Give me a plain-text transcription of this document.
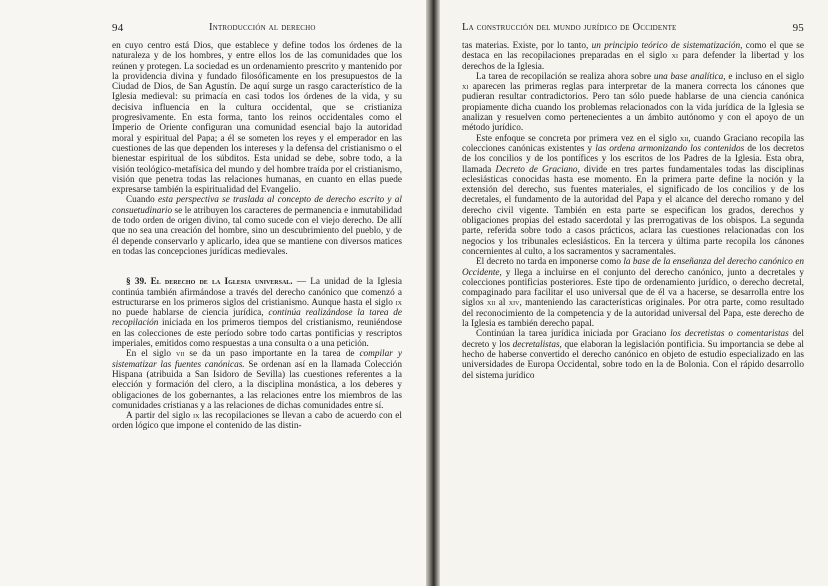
94	Introducción al derecho

en cuyo centro está Dios, que establece y define todos los órdenes de la naturaleza y de los hombres, y entre ellos los de las comunidades que los reúnen y protegen. La sociedad es un ordenamiento prescrito y mantenido por la providencia divina y fundado filosóficamente en los presupuestos de la Ciudad de Dios, de San Agustín. De aquí surge un rasgo característico de la Iglesia medieval: su primacía en casi todos los órdenes de la vida, y su decisiva influencia en la cultura occidental, que se cristianiza progresivamente. En esta forma, tanto los reinos occidentales como el Imperio de Oriente configuran una comunidad esencial bajo la autoridad moral y espiritual del Papa; a él se someten los reyes y el emperador en las cuestiones de las que dependen los intereses y la defensa del cristianismo o el bienestar espiritual de los súbditos. Esta unidad se debe, sobre todo, a la visión teológico-metafísica del mundo y del hombre traída por el cristianismo, visión que penetra todas las relaciones humanas, en cuanto en ellas puede expresarse también la espiritualidad del Evangelio.

Cuando esta perspectiva se traslada al concepto de derecho escrito y al consuetudinario se le atribuyen los caracteres de permanencia e inmutabilidad de todo orden de origen divino, tal como sucede con el viejo derecho. De allí que no sea una creación del hombre, sino un descubrimiento del pueblo, y de él depende conservarlo y aplicarlo, idea que se mantiene con diversos matices en todas las concepciones jurídicas medievales.

§ 39. El derecho de la Iglesia universal. — La unidad de la Iglesia continúa también afirmándose a través del derecho canónico que comenzó a estructurarse en los primeros siglos del cristianismo. Aunque hasta el siglo ix no puede hablarse de ciencia jurídica, continúa realizándose la tarea de recopilación iniciada en los primeros tiempos del cristianismo, reuniéndose en las colecciones de este período sobre todo cartas pontificias y rescriptos imperiales, emitidos como respuestas a una consulta o a una petición.

En el siglo vii se da un paso importante en la tarea de compilar y sistematizar las fuentes canónicas. Se ordenan así en la llamada Colección Hispana (atribuida a San Isidoro de Sevilla) las cuestiones referentes a la elección y formación del clero, a la disciplina monástica, a los deberes y obligaciones de los gobernantes, a las relaciones entre los miembros de las comunidades cristianas y a las relaciones de dichas comunidades entre sí.

A partir del siglo ix las recopilaciones se llevan a cabo de acuerdo con el orden lógico que impone el contenido de las distin-

95
La construcción del mundo jurídico de Occidente

tas materias. Existe, por lo tanto, un principio teórico de sistematización, como el que se destaca en las recopilaciones preparadas en el siglo xi para defender la libertad y los derechos de la Iglesia.

La tarea de recopilación se realiza ahora sobre una base analítica, e incluso en el siglo xi aparecen las primeras reglas para interpretar de la manera correcta los cánones que pudieran resultar contradictorios. Pero tan sólo puede hablarse de una ciencia canónica propiamente dicha cuando los problemas relacionados con la vida jurídica de la Iglesia se analizan y resuelven como pertenecientes a un ámbito autónomo y con el apoyo de un método jurídico.

Este enfoque se concreta por primera vez en el siglo xii, cuando Graciano recopila las colecciones canónicas existentes y las ordena armonizando los contenidos de los decretos de los concilios y de los pontífices y los escritos de los Padres de la Iglesia. Esta obra, llamada Decreto de Graciano, divide en tres partes fundamentales todas las disciplinas eclesiásticas conocidas hasta ese momento. En la primera parte define la noción y la extensión del derecho, sus fuentes materiales, el significado de los concilios y de los decretales, el fundamento de la autoridad del Papa y el alcance del derecho romano y del derecho civil vigente. También en esta parte se especifican los grados, derechos y obligaciones propias del estado sacerdotal y las prerrogativas de los obispos. La segunda parte, referida sobre todo a casos prácticos, aclara las cuestiones relacionadas con los negocios y los tribunales eclesiásticos. En la tercera y última parte recopila los cánones concernientes al culto, a los sacramentos y sacramentales.

El decreto no tarda en imponerse como la base de la enseñanza del derecho canónico en Occidente, y llega a incluirse en el conjunto del derecho canónico, junto a decretales y colecciones pontificias posteriores. Este tipo de ordenamiento jurídico, o derecho decretal, compaginado para facilitar el uso universal que de él va a hacerse, se desarrolla entre los siglos xii al xiv, manteniendo las características originales. Por otra parte, como resultado del reconocimiento de la competencia y de la autoridad universal del Papa, este derecho de la Iglesia es también derecho papal.

Continúan la tarea jurídica iniciada por Graciano los decretistas o comentaristas del decreto y los decretalistas, que elaboran la legislación pontificia. Su importancia se debe al hecho de haberse convertido el derecho canónico en objeto de estudio especializado en las universidades de Europa Occidental, sobre todo en la de Bolonia. Con el rápido desarrollo del sistema jurídico
